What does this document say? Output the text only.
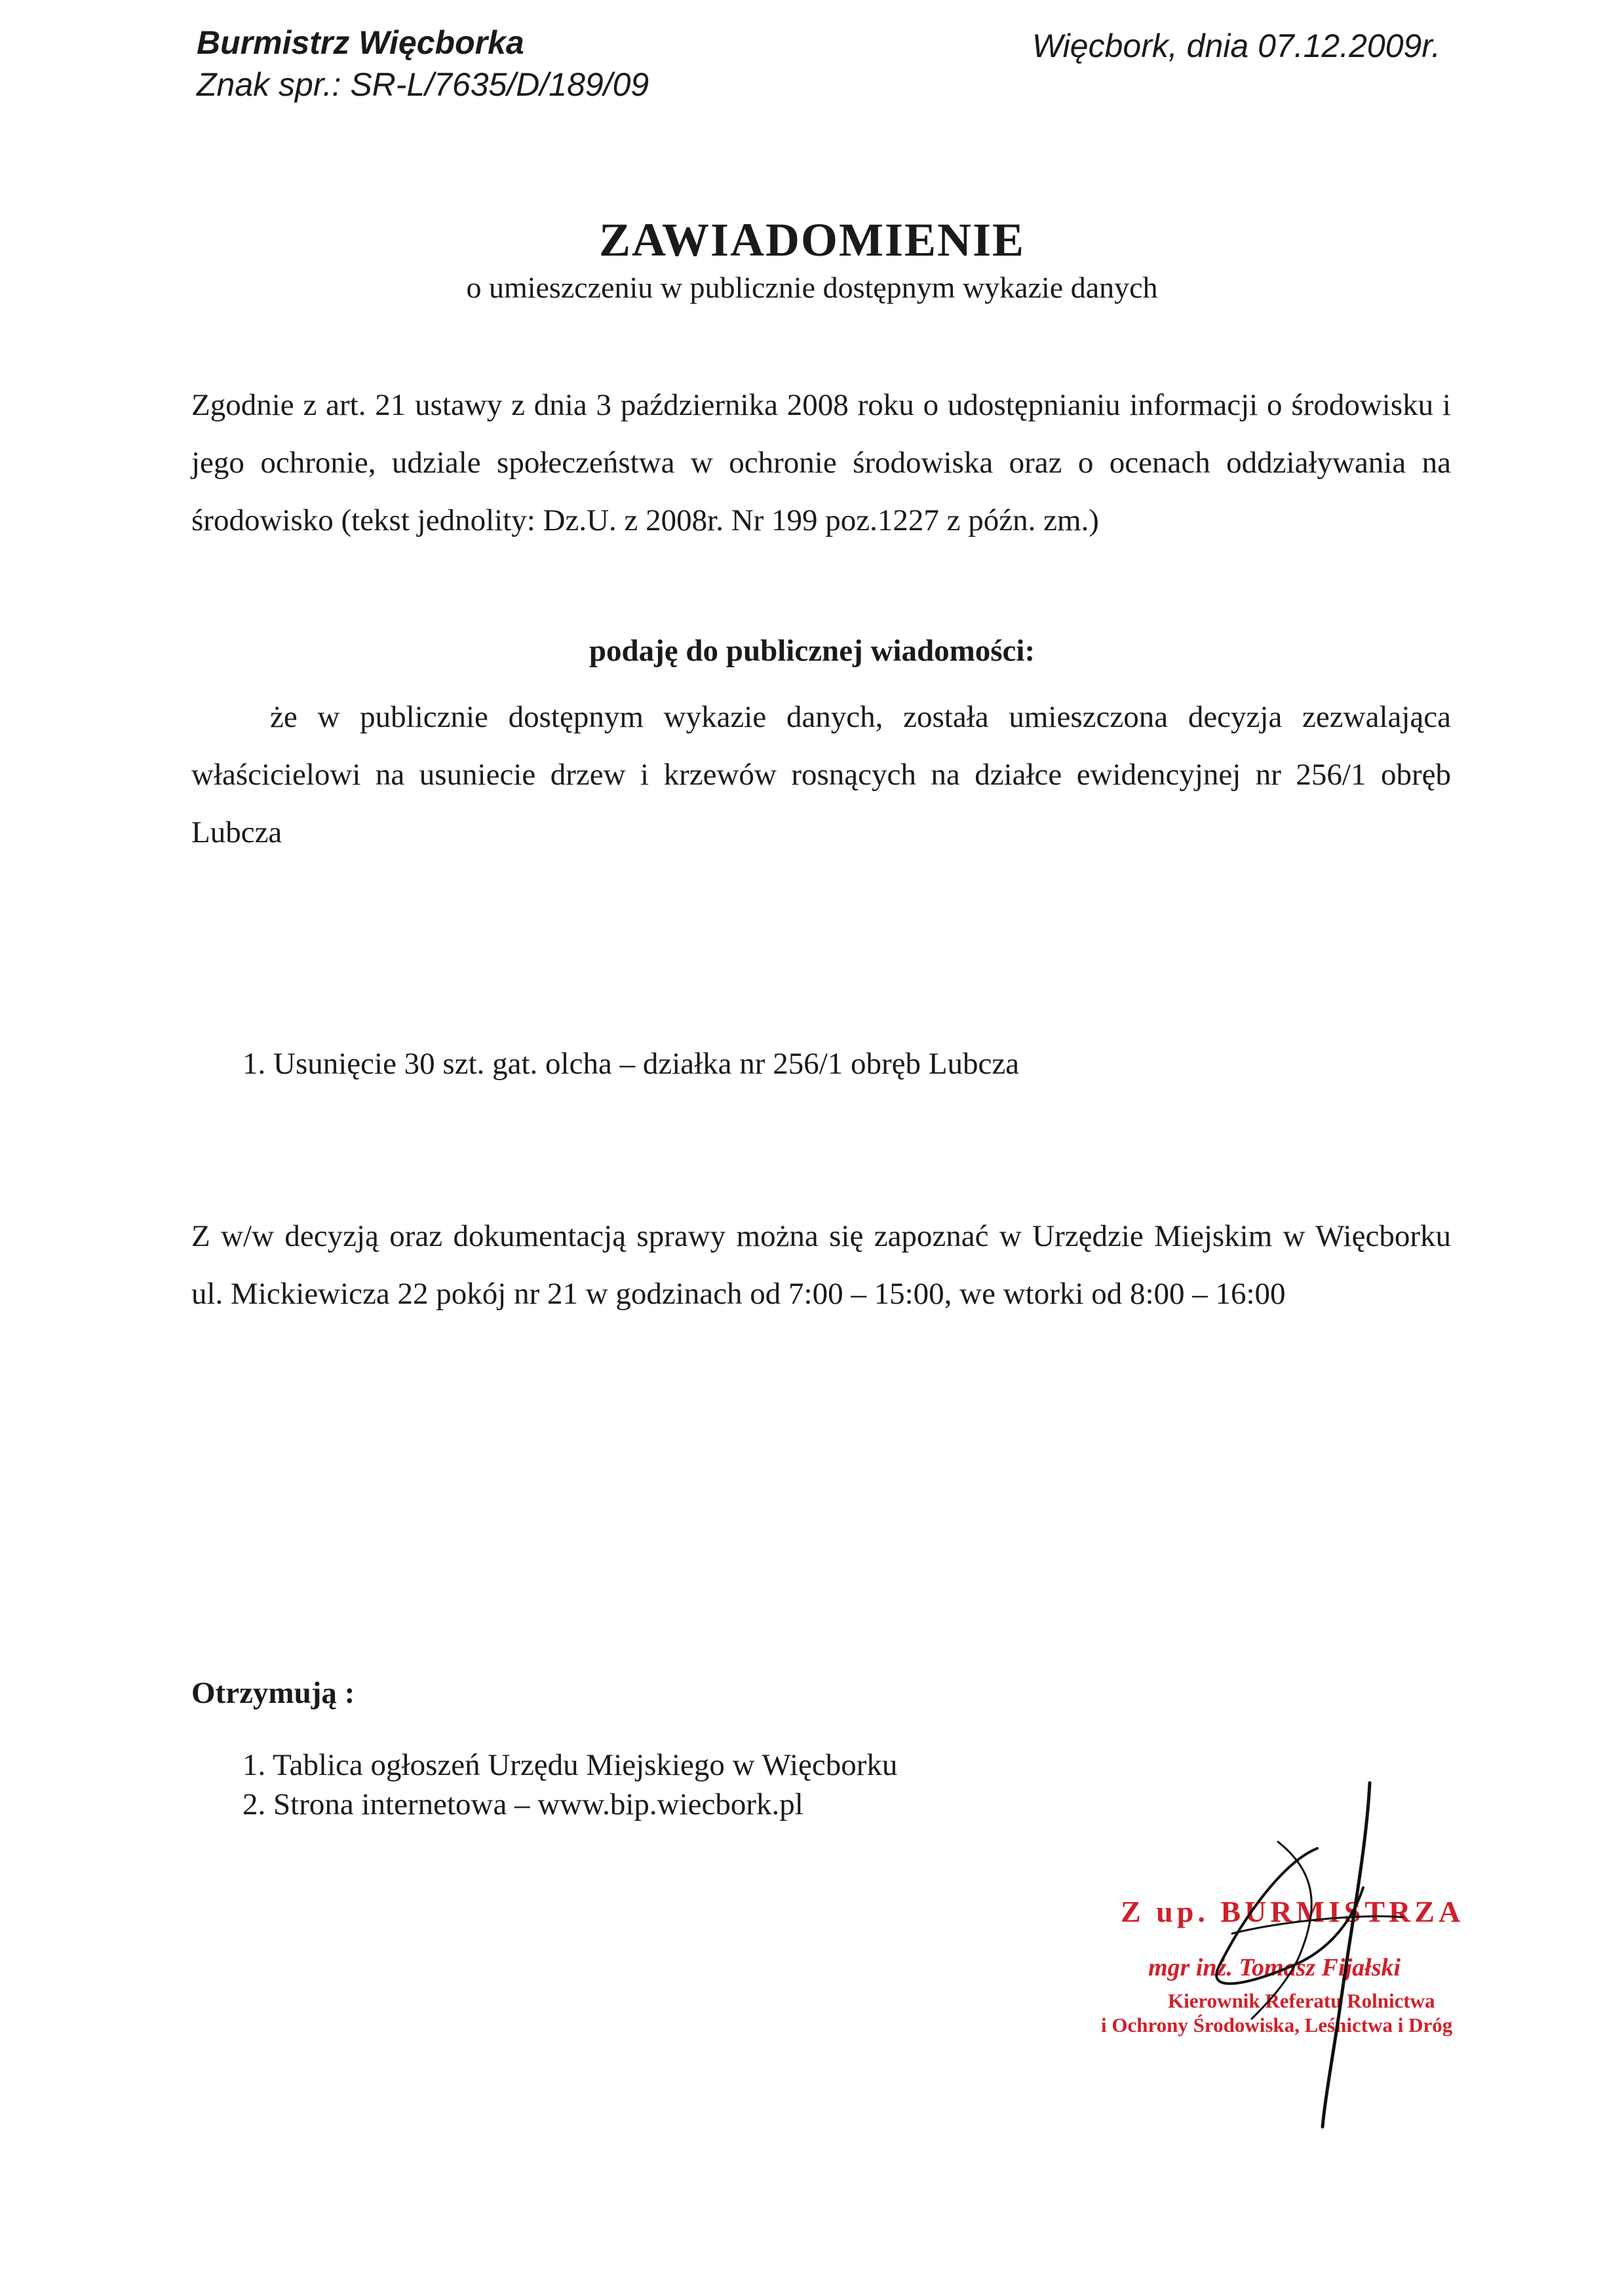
Burmistrz Więcborka
Znak spr.: SR-L/7635/D/189/09
Więcbork, dnia 07.12.2009r.
ZAWIADOMIENIE
o umieszczeniu w publicznie dostępnym wykazie danych
Zgodnie z art. 21 ustawy z dnia 3 października 2008 roku o udostępnianiu informacji o środowisku i jego ochronie, udziale społeczeństwa w ochronie środowiska oraz o ocenach oddziaływania na środowisko (tekst jednolity: Dz.U. z 2008r. Nr 199 poz.1227 z późn. zm.)
podaję do publicznej wiadomości:
że w publicznie dostępnym wykazie danych, została umieszczona decyzja zezwalająca właścicielowi na usuniecie drzew i krzewów rosnących na działce ewidencyjnej nr 256/1 obręb Lubcza
1. Usunięcie 30 szt. gat. olcha – działka nr 256/1 obręb Lubcza
Z w/w decyzją oraz dokumentacją sprawy można się zapoznać w Urzędzie Miejskim w Więcborku ul. Mickiewicza 22 pokój nr 21 w godzinach od 7:00 – 15:00, we wtorki od 8:00 – 16:00
Otrzymują :
1. Tablica ogłoszeń Urzędu Miejskiego w Więcborku
2. Strona internetowa – www.bip.wiecbork.pl
Z up. BURMISTRZA
mgr inż. Tomasz Fijałski
Kierownik Referatu Rolnictwa
i Ochrony Środowiska, Leśnictwa i Dróg
